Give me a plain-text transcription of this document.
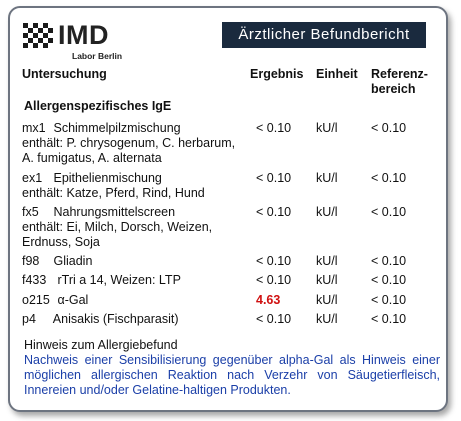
IMD
Labor Berlin
Ärztlicher Befundbericht
Untersuchung	Ergebnis Einheit Referenz-
bereich
Allergenspezifisches IgE
mx1 Schimmelpilzmischung
enthält: P. chrysogenum, C. herbarum,
A. fumigatus, A. alternata
< 0.10 kU/l	< 0.10
ex1 Epithelienmischung
enthält: Katze, Pferd, Rind, Hund
< 0.10 kU/l	< 0.10
fx5 Nahrungsmittelscreen
enthält: Ei, Milch, Dorsch, Weizen,
Erdnuss, Soja
< 0.10 kU/l	< 0.10
f98 Gliadin	< 0.10 kU/l	< 0.10
f433 rTri a 14, Weizen: LTP	< 0.10 kU/l	< 0.10
o215 α-Gal	4.63	kU/l	< 0.10
p4 Anisakis (Fischparasit)	< 0.10 kU/l	< 0.10
Hinweis zum Allergiebefund
Nachweis einer Sensibilisierung gegenüber alpha-Gal als Hinweis einer möglichen allergischen Reaktion nach Verzehr von Säugetierfleisch, Innereien und/oder Gelatine-haltigen Produkten.
